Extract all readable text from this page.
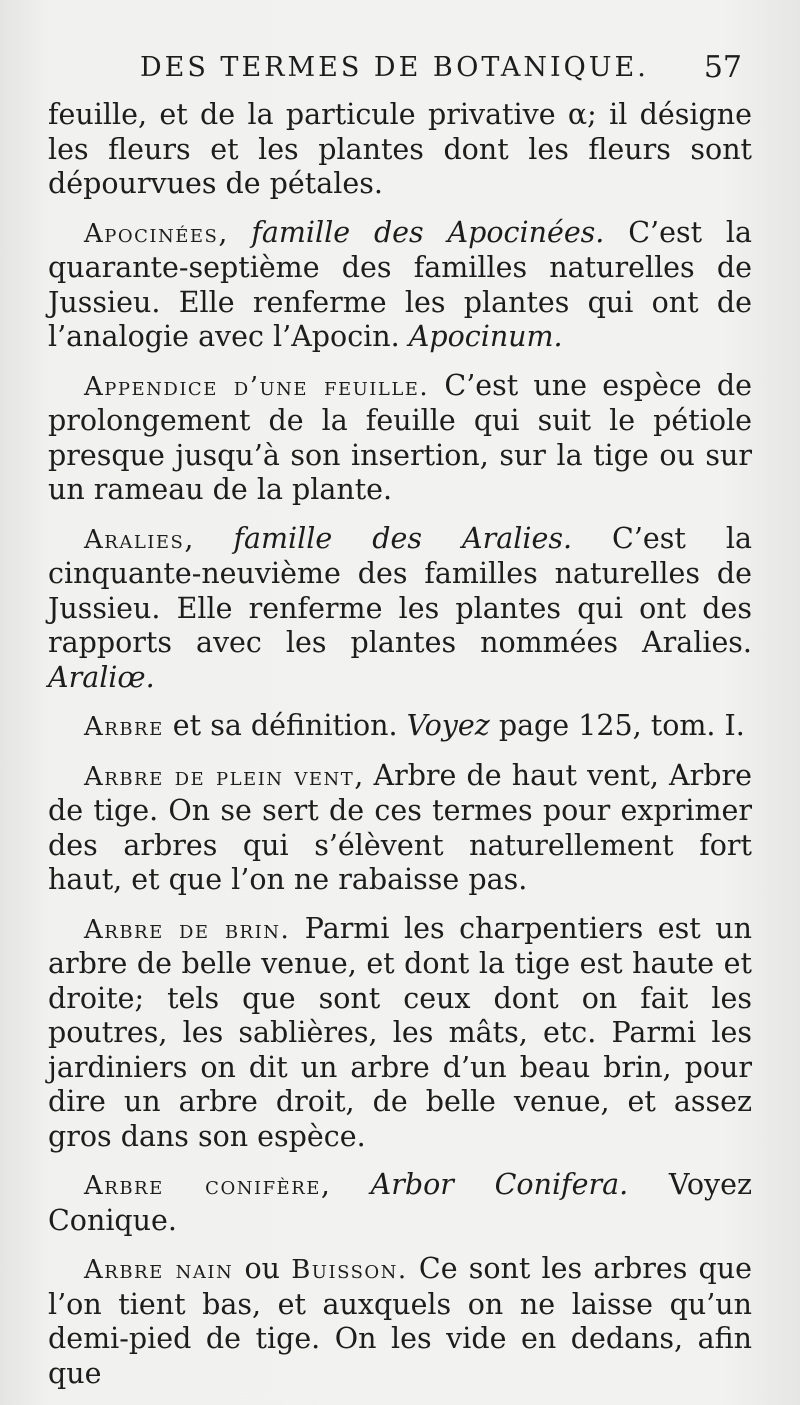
DES TERMES DE BOTANIQUE. 57

feuille, et de la particule privative α; il désigne les fleurs et les plantes dont les fleurs sont dépourvues de pétales.

Apocinées, famille des Apocinées. C’est la quarante-septième des familles naturelles de Jussieu. Elle renferme les plantes qui ont de l’analogie avec l’Apocin. Apocinum.

Appendice d’une feuille. C’est une espèce de prolongement de la feuille qui suit le pétiole presque jusqu’à son insertion, sur la tige ou sur un rameau de la plante.

Aralies, famille des Aralies. C’est la cinquante-neuvième des familles naturelles de Jussieu. Elle renferme les plantes qui ont des rapports avec les plantes nommées Aralies. Araliœ.

Arbre et sa définition. Voyez page 125, tom. I.

Arbre de plein vent, Arbre de haut vent, Arbre de tige. On se sert de ces termes pour exprimer des arbres qui s’élèvent naturellement fort haut, et que l’on ne rabaisse pas.

Arbre de brin. Parmi les charpentiers est un arbre de belle venue, et dont la tige est haute et droite; tels que sont ceux dont on fait les poutres, les sablières, les mâts, etc. Parmi les jardiniers on dit un arbre d’un beau brin, pour dire un arbre droit, de belle venue, et assez gros dans son espèce.

Arbre conifère, Arbor Conifera. Voyez Conique.

Arbre nain ou Buisson. Ce sont les arbres que l’on tient bas, et auxquels on ne laisse qu’un demi-pied de tige. On les vide en dedans, afin que
